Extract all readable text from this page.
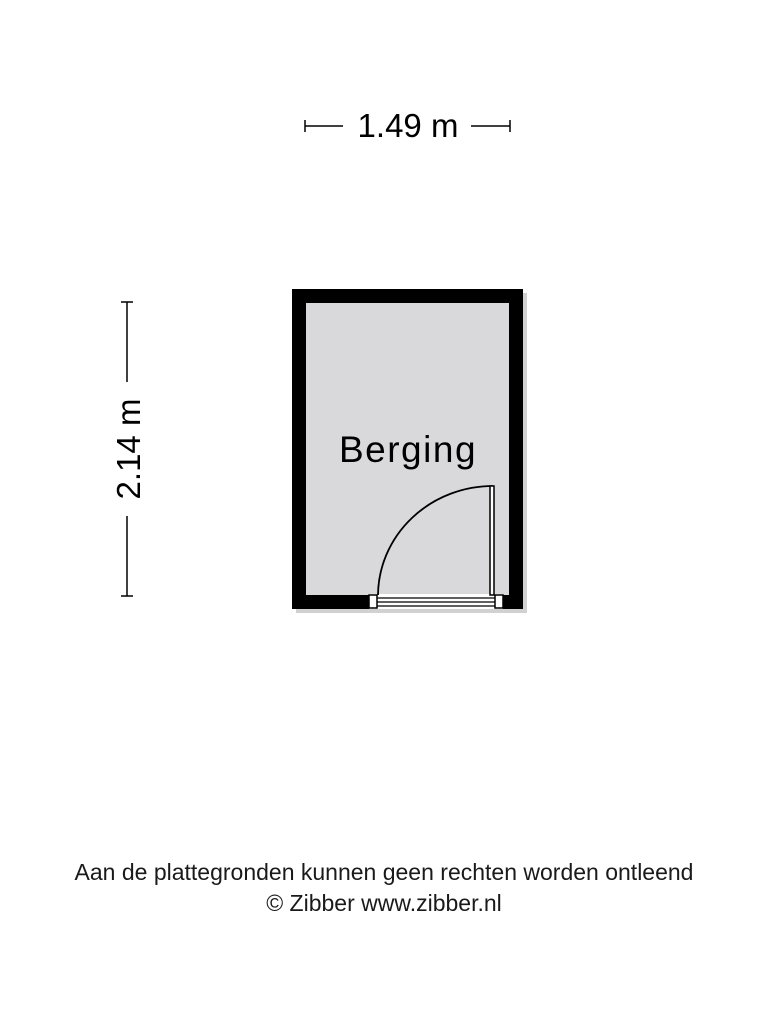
1.49 m
2.14 m	Berging
Aan de plattegronden kunnen geen rechten worden ontleend
© Zibber www.zibber.nl
